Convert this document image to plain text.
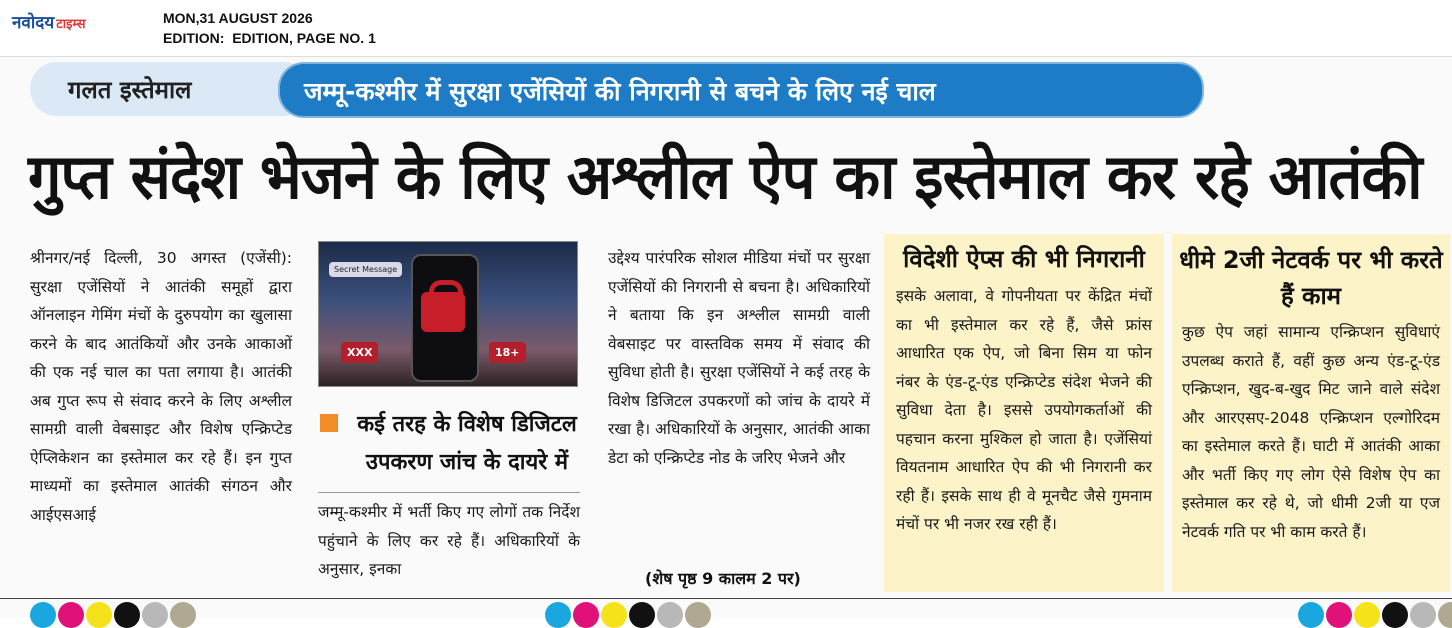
नवोदय टाइम्स	MON,31 AUGUST 2026
EDITION:  EDITION, PAGE NO. 1
गलत इस्तेमाल	जम्मू-कश्मीर में सुरक्षा एजेंसियों की निगरानी से बचने के लिए नई चाल
गुप्त संदेश भेजने के लिए अश्लील ऐप का इस्तेमाल कर रहे आतंकी
श्रीनगर/नई दिल्ली, 30 अगस्त (एजेंसी): सुरक्षा एजेंसियों ने आतंकी समूहों द्वारा ऑनलाइन गेमिंग मंचों के दुरुपयोग का खुलासा करने के बाद आतंकियों और उनके आकाओं की एक नई चाल का पता लगाया है। आतंकी अब गुप्त रूप से संवाद करने के लिए अश्लील सामग्री वाली वेबसाइट और विशेष एन्क्रिप्टेड ऐप्लिकेशन का इस्तेमाल कर रहे हैं। इन गुप्त माध्यमों का इस्तेमाल आतंकी संगठन और आईएसआई
Secret Message
XXX	18+
कई तरह के विशेष डिजिटल उपकरण जांच के दायरे में
जम्मू-कश्मीर में भर्ती किए गए लोगों तक निर्देश पहुंचाने के लिए कर रहे हैं। अधिकारियों के अनुसार, इनका
उद्देश्य पारंपरिक सोशल मीडिया मंचों पर सुरक्षा एजेंसियों की निगरानी से बचना है। अधिकारियों ने बताया कि इन अश्लील सामग्री वाली वेबसाइट पर वास्तविक समय में संवाद की सुविधा होती है। सुरक्षा एजेंसियों ने कई तरह के विशेष डिजिटल उपकरणों को जांच के दायरे में रखा है। अधिकारियों के अनुसार, आतंकी आका डेटा को एन्क्रिप्टेड नोड के जरिए भेजने और
(शेष पृष्ठ 9 कालम 2 पर)
विदेशी ऐप्स की भी निगरानी
इसके अलावा, वे गोपनीयता पर केंद्रित मंचों का भी इस्तेमाल कर रहे हैं, जैसे फ्रांस आधारित एक ऐप, जो बिना सिम या फोन नंबर के एंड-टू-एंड एन्क्रिप्टेड संदेश भेजने की सुविधा देता है। इससे उपयोगकर्ताओं की पहचान करना मुश्किल हो जाता है। एजेंसियां वियतनाम आधारित ऐप की भी निगरानी कर रही हैं। इसके साथ ही वे मूनचैट जैसे गुमनाम मंचों पर भी नजर रख रही हैं।
धीमे 2जी नेटवर्क पर भी करते हैं काम
कुछ ऐप जहां सामान्य एन्क्रिप्शन सुविधाएं उपलब्ध कराते हैं, वहीं कुछ अन्य एंड-टू-एंड एन्क्रिप्शन, खुद-ब-खुद मिट जाने वाले संदेश और आरएसए-2048 एन्क्रिप्शन एल्गोरिदम का इस्तेमाल करते हैं। घाटी में आतंकी आका और भर्ती किए गए लोग ऐसे विशेष ऐप का इस्तेमाल कर रहे थे, जो धीमी 2जी या एज नेटवर्क गति पर भी काम करते हैं।
